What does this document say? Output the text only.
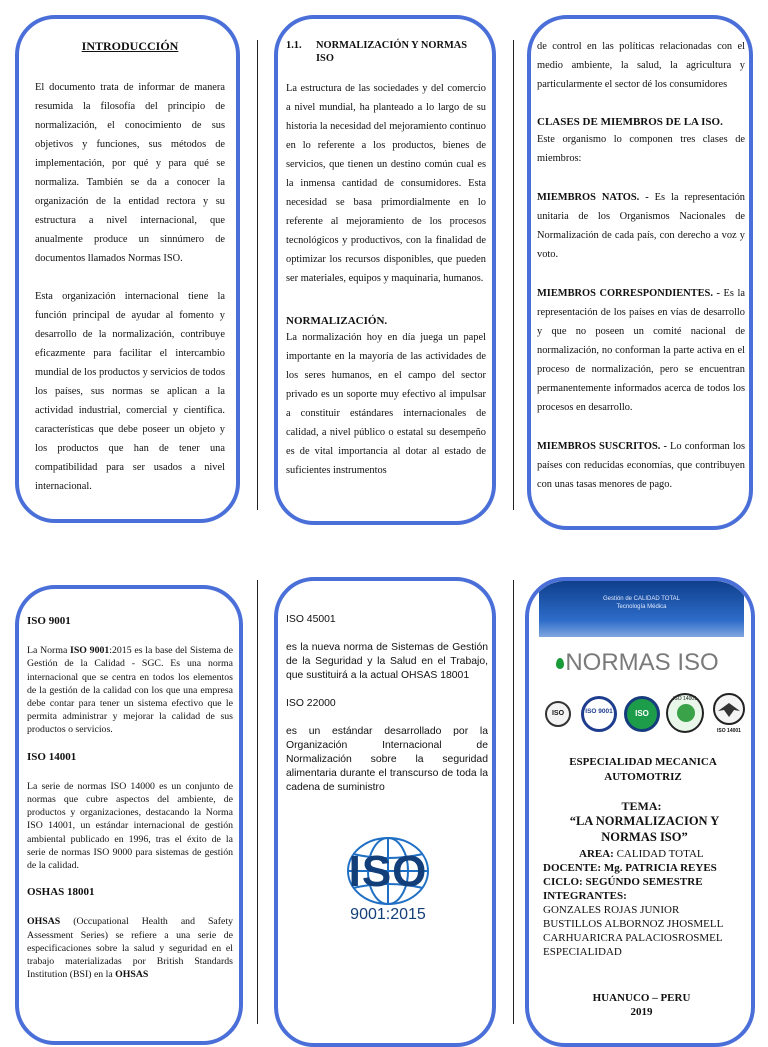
INTRODUCCIÓN

El documento trata de informar de manera resumida la filosofía del principio de normalización, el conocimiento de sus objetivos y funciones, sus métodos de implementación, por qué y para qué se normaliza. También se da a conocer la organización de la entidad rectora y su estructura a nivel internacional, que anualmente produce un sinnúmero de documentos llamados Normas ISO.

Esta organización internacional tiene la función principal de ayudar al fomento y desarrollo de la normalización, contribuye eficazmente para facilitar el intercambio mundial de los productos y servicios de todos los países, sus normas se aplican a la actividad industrial, comercial y científica. características que debe poseer un objeto y los productos que han de tener una compatibilidad para ser usados a nivel internacional.

1.1.	NORMALIZACIÓN Y NORMAS ISO

La estructura de las sociedades y del comercio a nivel mundial, ha planteado a lo largo de su historia la necesidad del mejoramiento continuo en lo referente a los productos, bienes de servicios, que tienen un destino común cual es la inmensa cantidad de consumidores. Esta necesidad se basa primordialmente en lo referente al mejoramiento de los procesos tecnológicos y productivos, con la finalidad de optimizar los recursos disponibles, que pueden ser materiales, equipos y maquinaria, humanos.

NORMALIZACIÓN.

La normalización hoy en día juega un papel importante en la mayoría de las actividades de los seres humanos, en el campo del sector privado es un soporte muy efectivo al impulsar a constituir estándares internacionales de calidad, a nivel público o estatal su desempeño es de vital importancia al dotar al estado de suficientes instrumentos

de control en las políticas relacionadas con el medio ambiente, la salud, la agricultura y particularmente el sector dé los consumidores

CLASES DE MIEMBROS DE LA ISO.

Este organismo lo componen tres clases de miembros:

MIEMBROS NATOS. - Es la representación unitaria de los Organismos Nacionales de Normalización de cada país, con derecho a voz y voto.

MIEMBROS CORRESPONDIENTES. - Es la representación de los países en vías de desarrollo y que no poseen un comité nacional de normalización, no conforman la parte activa en el proceso de normalización, pero se encuentran permanentemente informados acerca de todos los procesos en desarrollo.

MIEMBROS SUSCRITOS. - Lo conforman los países con reducidas economías, que contribuyen con unas tasas menores de pago.

ISO 9001

La Norma ISO 9001:2015 es la base del Sistema de Gestión de la Calidad - SGC. Es una norma internacional que se centra en todos los elementos de la gestión de la calidad con los que una empresa debe contar para tener un sistema efectivo que le permita administrar y mejorar la calidad de sus productos o servicios.

ISO 14001

La serie de normas ISO 14000 es un conjunto de normas que cubre aspectos del ambiente, de productos y organizaciones, destacando la Norma ISO 14001, un estándar internacional de gestión ambiental publicado en 1996, tras el éxito de la serie de normas ISO 9000 para sistemas de gestión de la calidad.

OSHAS 18001

OHSAS (Occupational Health and Safety Assessment Series) se refiere a una serie de especificaciones sobre la salud y seguridad en el trabajo materializadas por British Standards Institution (BSI) en la OHSAS

ISO 45001

es la nueva norma de Sistemas de Gestión de la Seguridad y la Salud en el Trabajo, que sustituirá a la actual OHSAS 18001

ISO 22000

es un estándar desarrollado por la Organización Internacional de Normalización sobre la seguridad alimentaria durante el transcurso de toda la cadena de suministro

ISO
9001:2015
Gestión de CALIDAD TOTAL
Tecnología Médica
NORMAS ISO
ISO	ISO 9001	ISO
ISO 14001
ISO 14001
ESPECIALIDAD MECANICA AUTOMOTRIZ
TEMA:
“LA NORMALIZACION Y NORMAS ISO”
AREA: CALIDAD TOTAL
DOCENTE: Mg. PATRICIA REYES
CICLO: SEGÚNDO SEMESTRE
INTEGRANTES:
GONZALES ROJAS JUNIOR
BUSTILLOS ALBORNOZ JHOSMELL
CARHUARICRA PALACIOSROSMEL
ESPECIALIDAD
HUANUCO – PERU
2019
